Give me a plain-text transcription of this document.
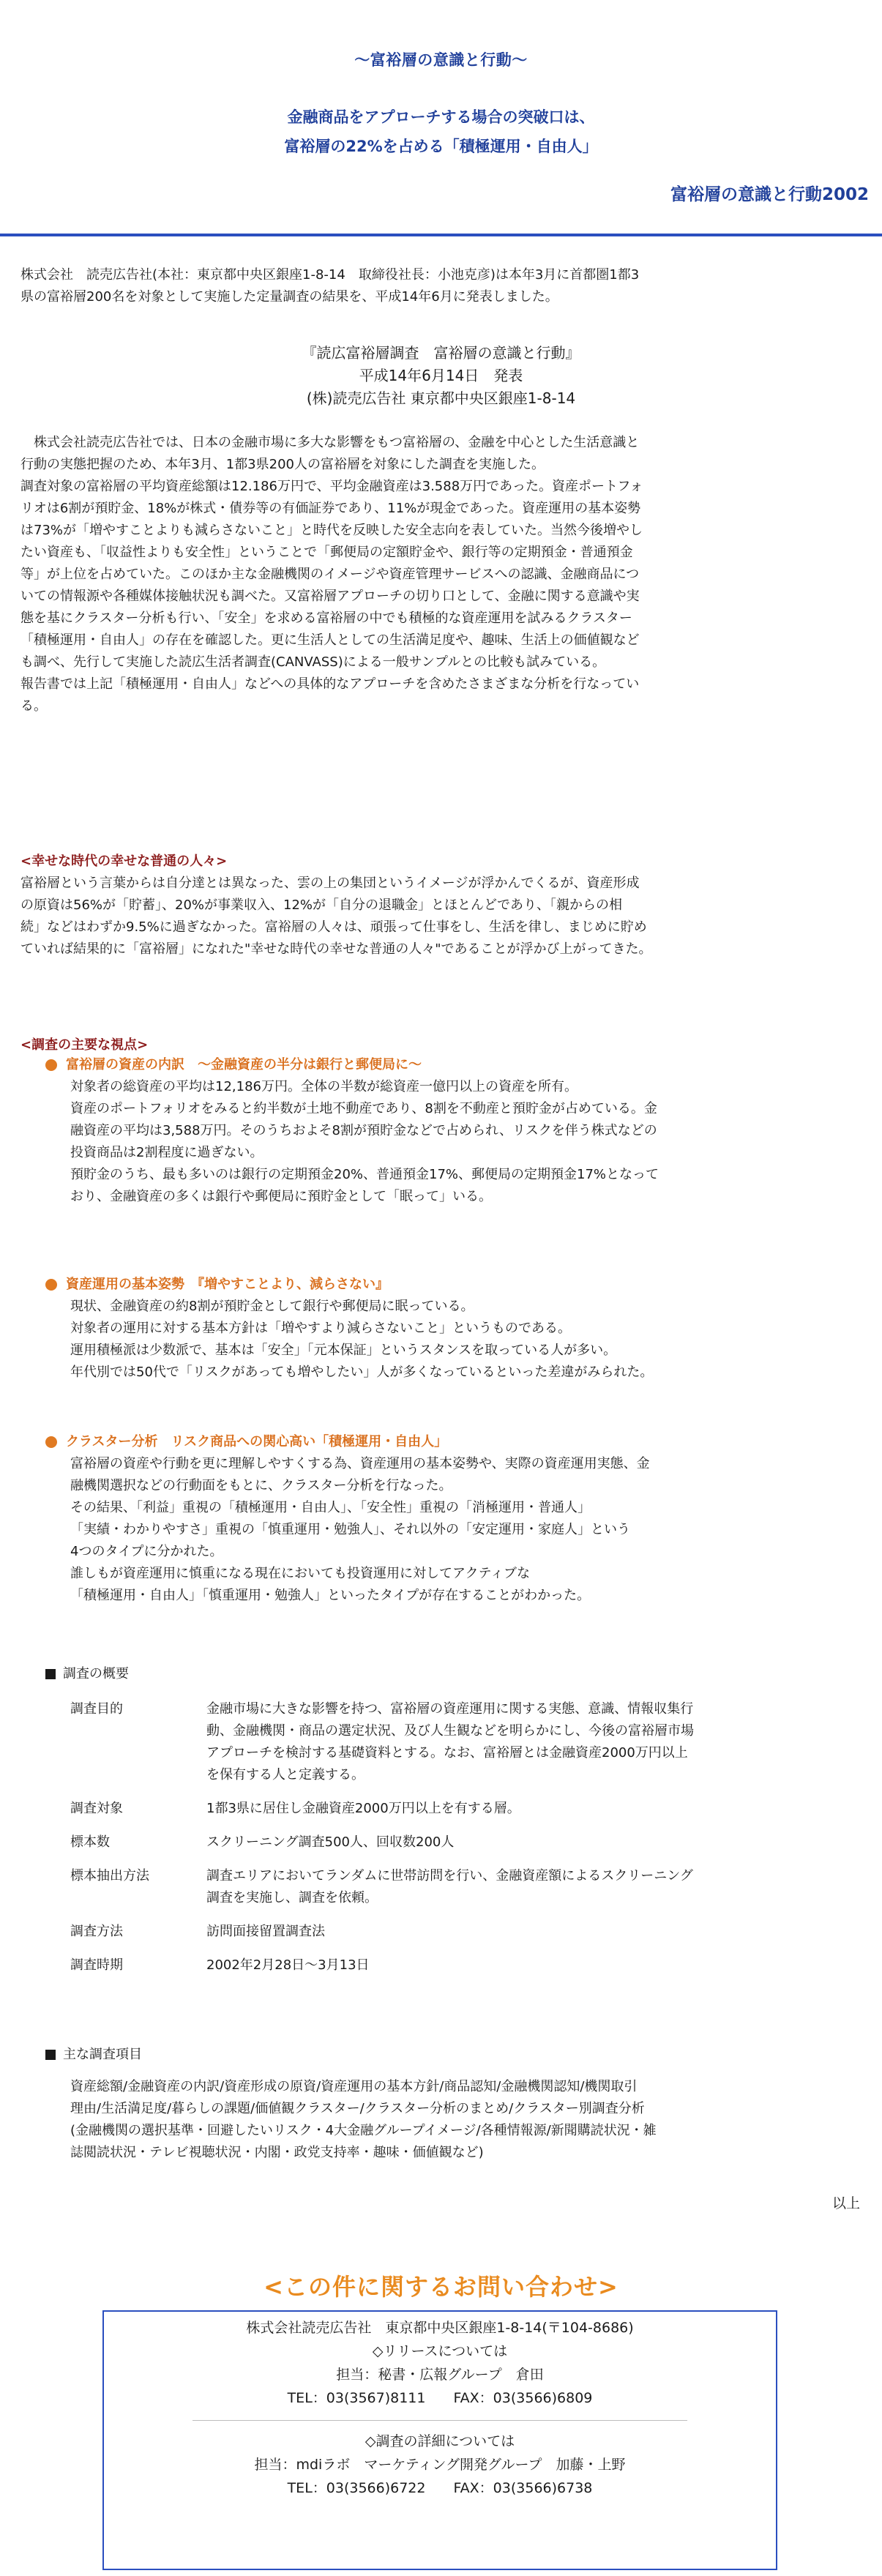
〜富裕層の意識と行動〜
金融商品をアプローチする場合の突破口は、
富裕層の22%を占める「積極運用・自由人」
富裕層の意識と行動2002
株式会社　読売広告社(本社：東京都中央区銀座1-8-14　取締役社長：小池克彦)は本年3月に首都圏1都3
県の富裕層200名を対象として実施した定量調査の結果を、平成14年6月に発表しました。
『読広富裕層調査　富裕層の意識と行動』
平成14年6月14日　発表
(株)読売広告社 東京都中央区銀座1-8-14
　株式会社読売広告社では、日本の金融市場に多大な影響をもつ富裕層の、金融を中心とした生活意識と
行動の実態把握のため、本年3月、1都3県200人の富裕層を対象にした調査を実施した。
調査対象の富裕層の平均資産総額は12.186万円で、平均金融資産は3.588万円であった。資産ポートフォ
リオは6割が預貯金、18%が株式・債券等の有価証券であり、11%が現金であった。資産運用の基本姿勢
は73%が「増やすことよりも減らさないこと」と時代を反映した安全志向を表していた。当然今後増やし
たい資産も、「収益性よりも安全性」ということで「郵便局の定額貯金や、銀行等の定期預金・普通預金
等」が上位を占めていた。このほか主な金融機関のイメージや資産管理サービスへの認識、金融商品につ
いての情報源や各種媒体接触状況も調べた。又富裕層アプローチの切り口として、金融に関する意識や実
態を基にクラスター分析も行い、「安全」を求める富裕層の中でも積極的な資産運用を試みるクラスター
「積極運用・自由人」の存在を確認した。更に生活人としての生活満足度や、趣味、生活上の価値観など
も調べ、先行して実施した読広生活者調査(CANVASS)による一般サンプルとの比較も試みている。
報告書では上記「積極運用・自由人」などへの具体的なアプローチを含めたさまざまな分析を行なってい
る。
<幸せな時代の幸せな普通の人々>
富裕層という言葉からは自分達とは異なった、雲の上の集団というイメージが浮かんでくるが、資産形成
の原資は56%が「貯蓄」、20%が事業収入、12%が「自分の退職金」とほとんどであり、「親からの相
続」などはわずか9.5%に過ぎなかった。富裕層の人々は、頑張って仕事をし、生活を律し、まじめに貯め
ていれば結果的に「富裕層」になれた"幸せな時代の幸せな普通の人々"であることが浮かび上がってきた。
<調査の主要な視点>
富裕層の資産の内訳　〜金融資産の半分は銀行と郵便局に〜
対象者の総資産の平均は12,186万円。全体の半数が総資産一億円以上の資産を所有。
資産のポートフォリオをみると約半数が土地不動産であり、8割を不動産と預貯金が占めている。金
融資産の平均は3,588万円。そのうちおよそ8割が預貯金などで占められ、リスクを伴う株式などの
投資商品は2割程度に過ぎない。
預貯金のうち、最も多いのは銀行の定期預金20%、普通預金17%、郵便局の定期預金17%となって
おり、金融資産の多くは銀行や郵便局に預貯金として「眠って」いる。
資産運用の基本姿勢　『増やすことより、減らさない』
現状、金融資産の約8割が預貯金として銀行や郵便局に眠っている。
対象者の運用に対する基本方針は「増やすより減らさないこと」というものである。
運用積極派は少数派で、基本は「安全」「元本保証」というスタンスを取っている人が多い。
年代別では50代で「リスクがあっても増やしたい」人が多くなっているといった差違がみられた。
クラスター分析　リスク商品への関心高い「積極運用・自由人」
富裕層の資産や行動を更に理解しやすくする為、資産運用の基本姿勢や、実際の資産運用実態、金
融機関選択などの行動面をもとに、クラスター分析を行なった。
その結果、「利益」重視の「積極運用・自由人」、「安全性」重視の「消極運用・普通人」
「実績・わかりやすさ」重視の「慎重運用・勉強人」、それ以外の「安定運用・家庭人」という
4つのタイプに分かれた。
誰しもが資産運用に慎重になる現在においても投資運用に対してアクティブな
「積極運用・自由人」「慎重運用・勉強人」といったタイプが存在することがわかった。
調査の概要
調査目的	金融市場に大きな影響を持つ、富裕層の資産運用に関する実態、意識、情報収集行
動、金融機関・商品の選定状況、及び人生観などを明らかにし、今後の富裕層市場
アプローチを検討する基礎資料とする。なお、富裕層とは金融資産2000万円以上
を保有する人と定義する。
調査対象	1都3県に居住し金融資産2000万円以上を有する層。
標本数	スクリーニング調査500人、回収数200人
標本抽出方法	調査エリアにおいてランダムに世帯訪問を行い、金融資産額によるスクリーニング
調査を実施し、調査を依頼。
調査方法	訪問面接留置調査法
調査時期	2002年2月28日〜3月13日
主な調査項目
資産総額/金融資産の内訳/資産形成の原資/資産運用の基本方針/商品認知/金融機関認知/機関取引
理由/生活満足度/暮らしの課題/価値観クラスター/クラスター分析のまとめ/クラスター別調査分析
(金融機関の選択基準・回避したいリスク・4大金融グループイメージ/各種情報源/新聞購読状況・雑
誌閲読状況・テレビ視聴状況・内閣・政党支持率・趣味・価値観など)
以上
<この件に関するお問い合わせ>
株式会社読売広告社　東京都中央区銀座1-8-14(〒104-8686)
◇リリースについては
担当：秘書・広報グループ　倉田
TEL：03(3567)8111　　FAX：03(3566)6809
◇調査の詳細については
担当：mdiラボ　マーケティング開発グループ　加藤・上野
TEL：03(3566)6722　　FAX：03(3566)6738
